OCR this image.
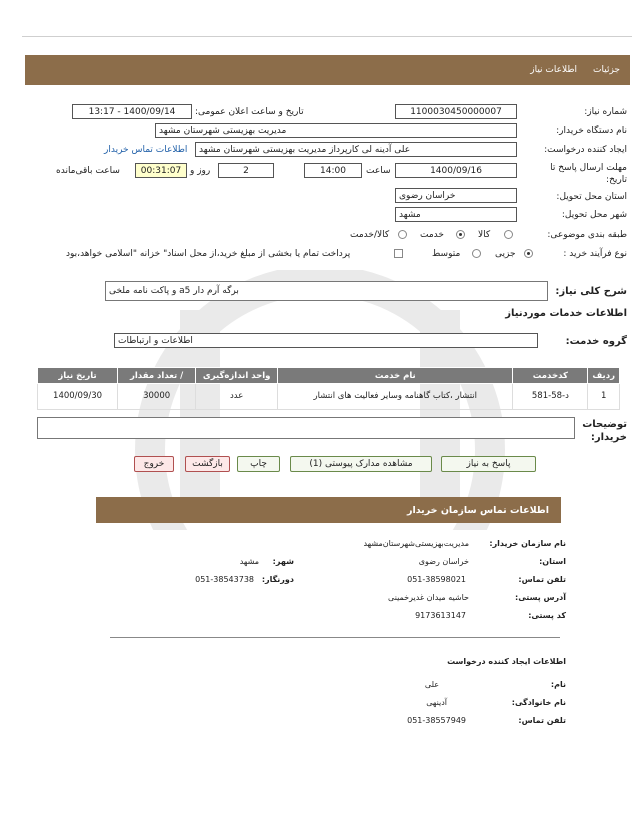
جزئیات
اطلاعات نیاز
شماره نیاز:
1100030450000007
تاریخ و ساعت اعلان عمومی:
1400/09/14 - 13:17
نام دستگاه خریدار:
مدیریت بهزیستی شهرستان مشهد
ایجاد کننده درخواست:
علی آدینه لی کارپرداز مدیریت بهزیستی شهرستان مشهد
اطلاعات تماس خریدار
مهلت ارسال پاسخ تا تاریخ:
1400/09/16
ساعت
14:00
2
روز و
00:31:07
ساعت باقی‌مانده
استان محل تحویل:
خراسان رضوی
شهر محل تحویل:
مشهد
طبقه بندی موضوعی:
کالا
خدمت
کالا/خدمت
نوع فرآیند خرید :
جزیی
متوسط
پرداخت تمام یا بخشی از مبلغ خرید،از محل اسناد" خزانه "اسلامی خواهد،بود
شرح کلی نیاز:
برگه آرم دار a5 و پاکت نامه ملخی
اطلاعات خدمات موردنیاز
گروه خدمت:
اطلاعات و ارتباطات
ردیف	کدخدمت	نام خدمت	واحد اندازه‌گیری	/ تعداد مقدار	تاریخ نیاز
1	د-58-581	انتشار ،کتاب گاهنامه وسایر فعالیت های انتشار	عدد	30000	1400/09/30
توضیحات خریدار:
پاسخ به نیاز
مشاهده مدارک پیوستی (1)
چاپ
بازگشت
خروج
اطلاعات تماس سازمان خریدار
نام سازمان خریدار:
مدیریت‌بهزیستی‌شهرستان‌مشهد
استان:
خراسان رضوی
شهر:
مشهد
تلفن تماس:
051-38598021
دورنگار:
051-38543738
آدرس پستی:
حاشیه میدان غدیرخمینی
کد پستی:
9173613147
اطلاعات ایجاد کننده درخواست
نام:
علی
نام خانوادگی:
آدینهی
تلفن تماس:
051-38557949
